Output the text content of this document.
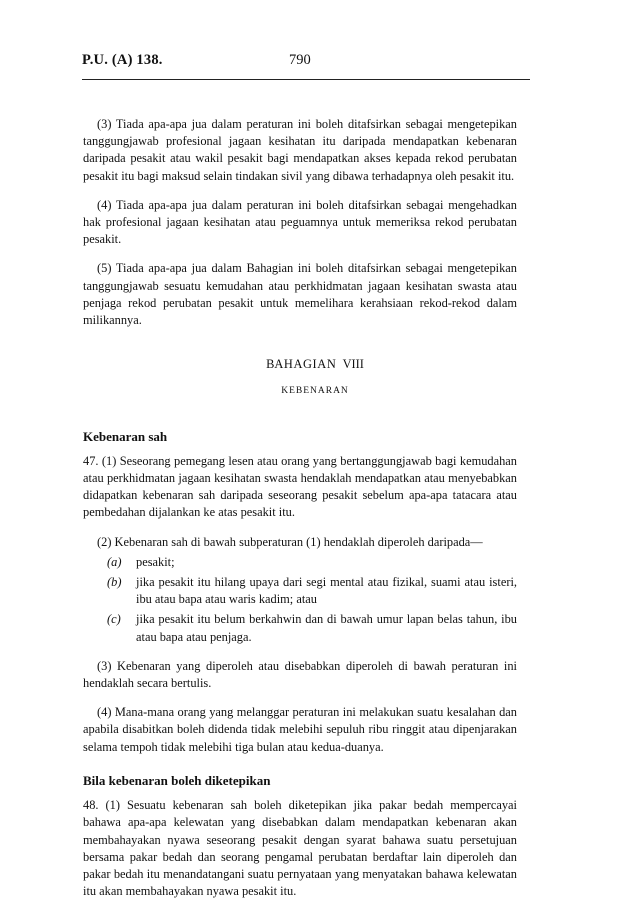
P.U. (A) 138.	790

(3) Tiada apa-apa jua dalam peraturan ini boleh ditafsirkan sebagai mengetepikan tanggungjawab profesional jagaan kesihatan itu daripada mendapatkan kebenaran daripada pesakit atau wakil pesakit bagi mendapatkan akses kepada rekod perubatan pesakit itu bagi maksud selain tindakan sivil yang dibawa terhadapnya oleh pesakit itu.

(4) Tiada apa-apa jua dalam peraturan ini boleh ditafsirkan sebagai mengehadkan hak profesional jagaan kesihatan atau peguamnya untuk memeriksa rekod perubatan pesakit.

(5) Tiada apa-apa jua dalam Bahagian ini boleh ditafsirkan sebagai mengetepikan tanggungjawab sesuatu kemudahan atau perkhidmatan jagaan kesihatan swasta atau penjaga rekod perubatan pesakit untuk memelihara kerahsiaan rekod-rekod dalam milikannya.

BAHAGIAN VIII
KEBENARAN

Kebenaran sah

47. (1) Seseorang pemegang lesen atau orang yang bertanggungjawab bagi kemudahan atau perkhidmatan jagaan kesihatan swasta hendaklah mendapatkan atau menyebabkan didapatkan kebenaran sah daripada seseorang pesakit sebelum apa-apa tatacara atau pembedahan dijalankan ke atas pesakit itu.

(2) Kebenaran sah di bawah subperaturan (1) hendaklah diperoleh daripada—

(a) pesakit;
(b) jika pesakit itu hilang upaya dari segi mental atau fizikal, suami atau isteri, ibu atau bapa atau waris kadim; atau
(c) jika pesakit itu belum berkahwin dan di bawah umur lapan belas tahun, ibu atau bapa atau penjaga.

(3) Kebenaran yang diperoleh atau disebabkan diperoleh di bawah peraturan ini hendaklah secara bertulis.

(4) Mana-mana orang yang melanggar peraturan ini melakukan suatu kesalahan dan apabila disabitkan boleh didenda tidak melebihi sepuluh ribu ringgit atau dipenjarakan selama tempoh tidak melebihi tiga bulan atau kedua-duanya.

Bila kebenaran boleh diketepikan

48. (1) Sesuatu kebenaran sah boleh diketepikan jika pakar bedah mempercayai bahawa apa-apa kelewatan yang disebabkan dalam mendapatkan kebenaran akan membahayakan nyawa seseorang pesakit dengan syarat bahawa suatu persetujuan bersama pakar bedah dan seorang pengamal perubatan berdaftar lain diperoleh dan pakar bedah itu menandatangani suatu pernyataan yang menyatakan bahawa kelewatan itu akan membahayakan nyawa pesakit itu.
